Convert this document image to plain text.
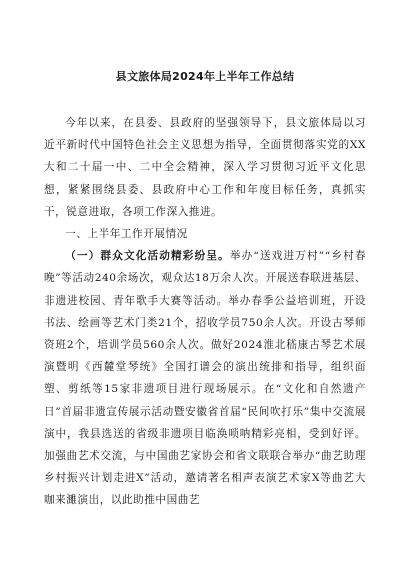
县文旅体局2024年上半年工作总结

今年以来，在县委、县政府的坚强领导下，县文旅体局以习近平新时代中国特色社会主义思想为指导，全面贯彻落实党的XX大和二十届一中、二中全会精神，深入学习贯彻习近平文化思想，紧紧围绕县委、县政府中心工作和年度目标任务，真抓实干，锐意进取，各项工作深入推进。

一、上半年工作开展情况

（一）群众文化活动精彩纷呈。举办“送戏进万村”“乡村春晚”等活动240余场次，观众达18万余人次。开展送春联进基层、非遗进校园、青年歌手大赛等活动。举办春季公益培训班，开设书法、绘画等艺术门类21个，招收学员750余人次。开设古琴师资班2个，培训学员560余人次。做好2024淮北嵇康古琴艺术展演暨明《西麓堂琴统》全国打谱会的演出统排和指导，组织面塑、剪纸等15家非遗项目进行现场展示。在“文化和自然遗产日”首届非遗宣传展示活动暨安徽省首届“民间吹打乐”集中交流展演中，我县选送的省级非遗项目临涣唢呐精彩亮相，受到好评。加强曲艺术交流，与中国曲艺家协会和省文联联合举办“曲艺助理乡村振兴计划走进X”活动，邀请著名相声表演艺术家X等曲艺大咖来濉演出，以此助推中国曲艺
